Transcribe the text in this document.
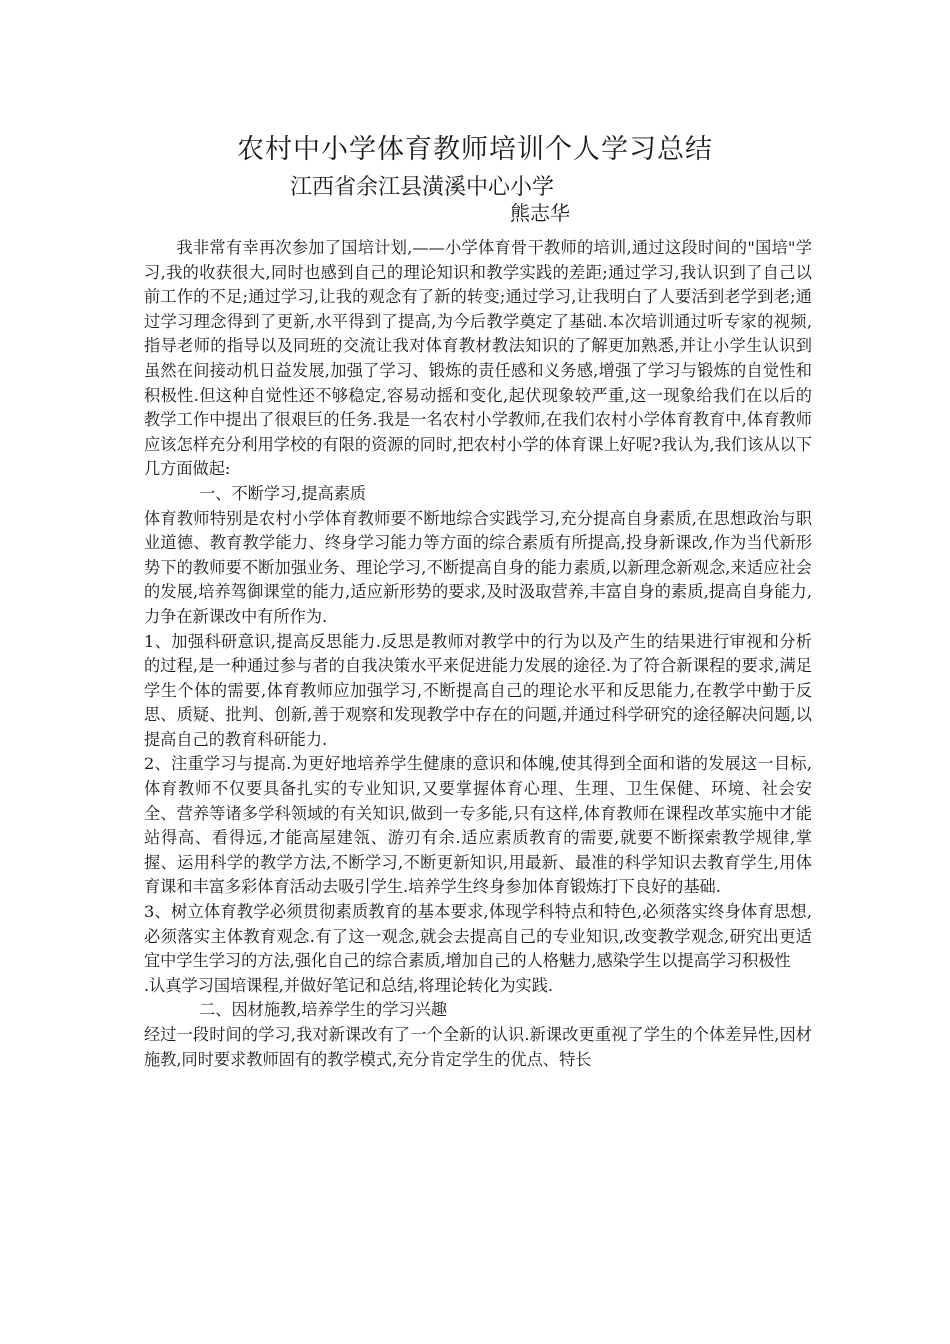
农村中小学体育教师培训个人学习总结

江西省余江县潢溪中心小学

熊志华

我非常有幸再次参加了国培计划,——小学体育骨干教师的培训,通过这段时间的"国培"学习,我的收获很大,同时也感到自己的理论知识和教学实践的差距;通过学习,我认识到了自己以前工作的不足;通过学习,让我的观念有了新的转变;通过学习,让我明白了人要活到老学到老;通过学习理念得到了更新,水平得到了提高,为今后教学奠定了基础.本次培训通过听专家的视频,指导老师的指导以及同班的交流让我对体育教材教法知识的了解更加熟悉,并让小学生认识到虽然在间接动机日益发展,加强了学习、锻炼的责任感和义务感,增强了学习与锻炼的自觉性和积极性.但这种自觉性还不够稳定,容易动摇和变化,起伏现象较严重,这一现象给我们在以后的教学工作中提出了很艰巨的任务.我是一名农村小学教师,在我们农村小学体育教育中,体育教师应该怎样充分利用学校的有限的资源的同时,把农村小学的体育课上好呢?我认为,我们该从以下几方面做起:

一、不断学习,提高素质

体育教师特别是农村小学体育教师要不断地综合实践学习,充分提高自身素质,在思想政治与职业道德、教育教学能力、终身学习能力等方面的综合素质有所提高,投身新课改,作为当代新形势下的教师要不断加强业务、理论学习,不断提高自身的能力素质,以新理念新观念,来适应社会的发展,培养驾御课堂的能力,适应新形势的要求,及时汲取营养,丰富自身的素质,提高自身能力,力争在新课改中有所作为.

1、加强科研意识,提高反思能力.反思是教师对教学中的行为以及产生的结果进行审视和分析的过程,是一种通过参与者的自我决策水平来促进能力发展的途径.为了符合新课程的要求,满足学生个体的需要,体育教师应加强学习,不断提高自己的理论水平和反思能力,在教学中勤于反思、质疑、批判、创新,善于观察和发现教学中存在的问题,并通过科学研究的途径解决问题,以提高自己的教育科研能力.

2、注重学习与提高.为更好地培养学生健康的意识和体魄,使其得到全面和谐的发展这一目标,体育教师不仅要具备扎实的专业知识,又要掌握体育心理、生理、卫生保健、环境、社会安全、营养等诸多学科领域的有关知识,做到一专多能,只有这样,体育教师在课程改革实施中才能站得高、看得远,才能高屋建瓴、游刃有余.适应素质教育的需要,就要不断探索教学规律,掌握、运用科学的教学方法,不断学习,不断更新知识,用最新、最准的科学知识去教育学生,用体育课和丰富多彩体育活动去吸引学生.培养学生终身参加体育锻炼打下良好的基础.

3、树立体育教学必须贯彻素质教育的基本要求,体现学科特点和特色,必须落实终身体育思想,必须落实主体教育观念.有了这一观念,就会去提高自己的专业知识,改变教学观念,研究出更适宜中学生学习的方法,强化自己的综合素质,增加自己的人格魅力,感染学生以提高学习积极性

.认真学习国培课程,并做好笔记和总结,将理论转化为实践.

二、因材施教,培养学生的学习兴趣

经过一段时间的学习,我对新课改有了一个全新的认识.新课改更重视了学生的个体差异性,因材施教,同时要求教师固有的教学模式,充分肯定学生的优点、特长
